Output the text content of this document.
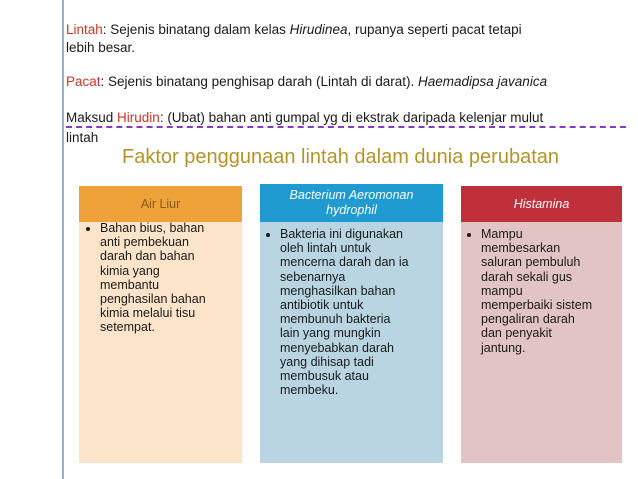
Lintah: Sejenis binatang dalam kelas Hirudinea, rupanya seperti pacat tetapi
lebih besar.
Pacat: Sejenis binatang penghisap darah (Lintah di darat). Haemadipsa javanica
Maksud Hirudin: (Ubat) bahan anti gumpal yg di ekstrak daripada kelenjar mulut
lintah
Faktor penggunaan lintah dalam dunia perubatan
Air Liur
• Bahan bius, bahan
anti pembekuan
darah dan bahan
kimia yang
membantu
penghasilan bahan
kimia melalui tisu
setempat.
Bacterium Aeromonan
hydrophil
• Bakteria ini digunakan
oleh lintah untuk
mencerna darah dan ia
sebenarnya
menghasilkan bahan
antibiotik untuk
membunuh bakteria
lain yang mungkin
menyebabkan darah
yang dihisap tadi
membusuk atau
membeku.
Histamina
• Mampu
membesarkan
saluran pembuluh
darah sekali gus
mampu
memperbaiki sistem
pengaliran darah
dan penyakit
jantung.
